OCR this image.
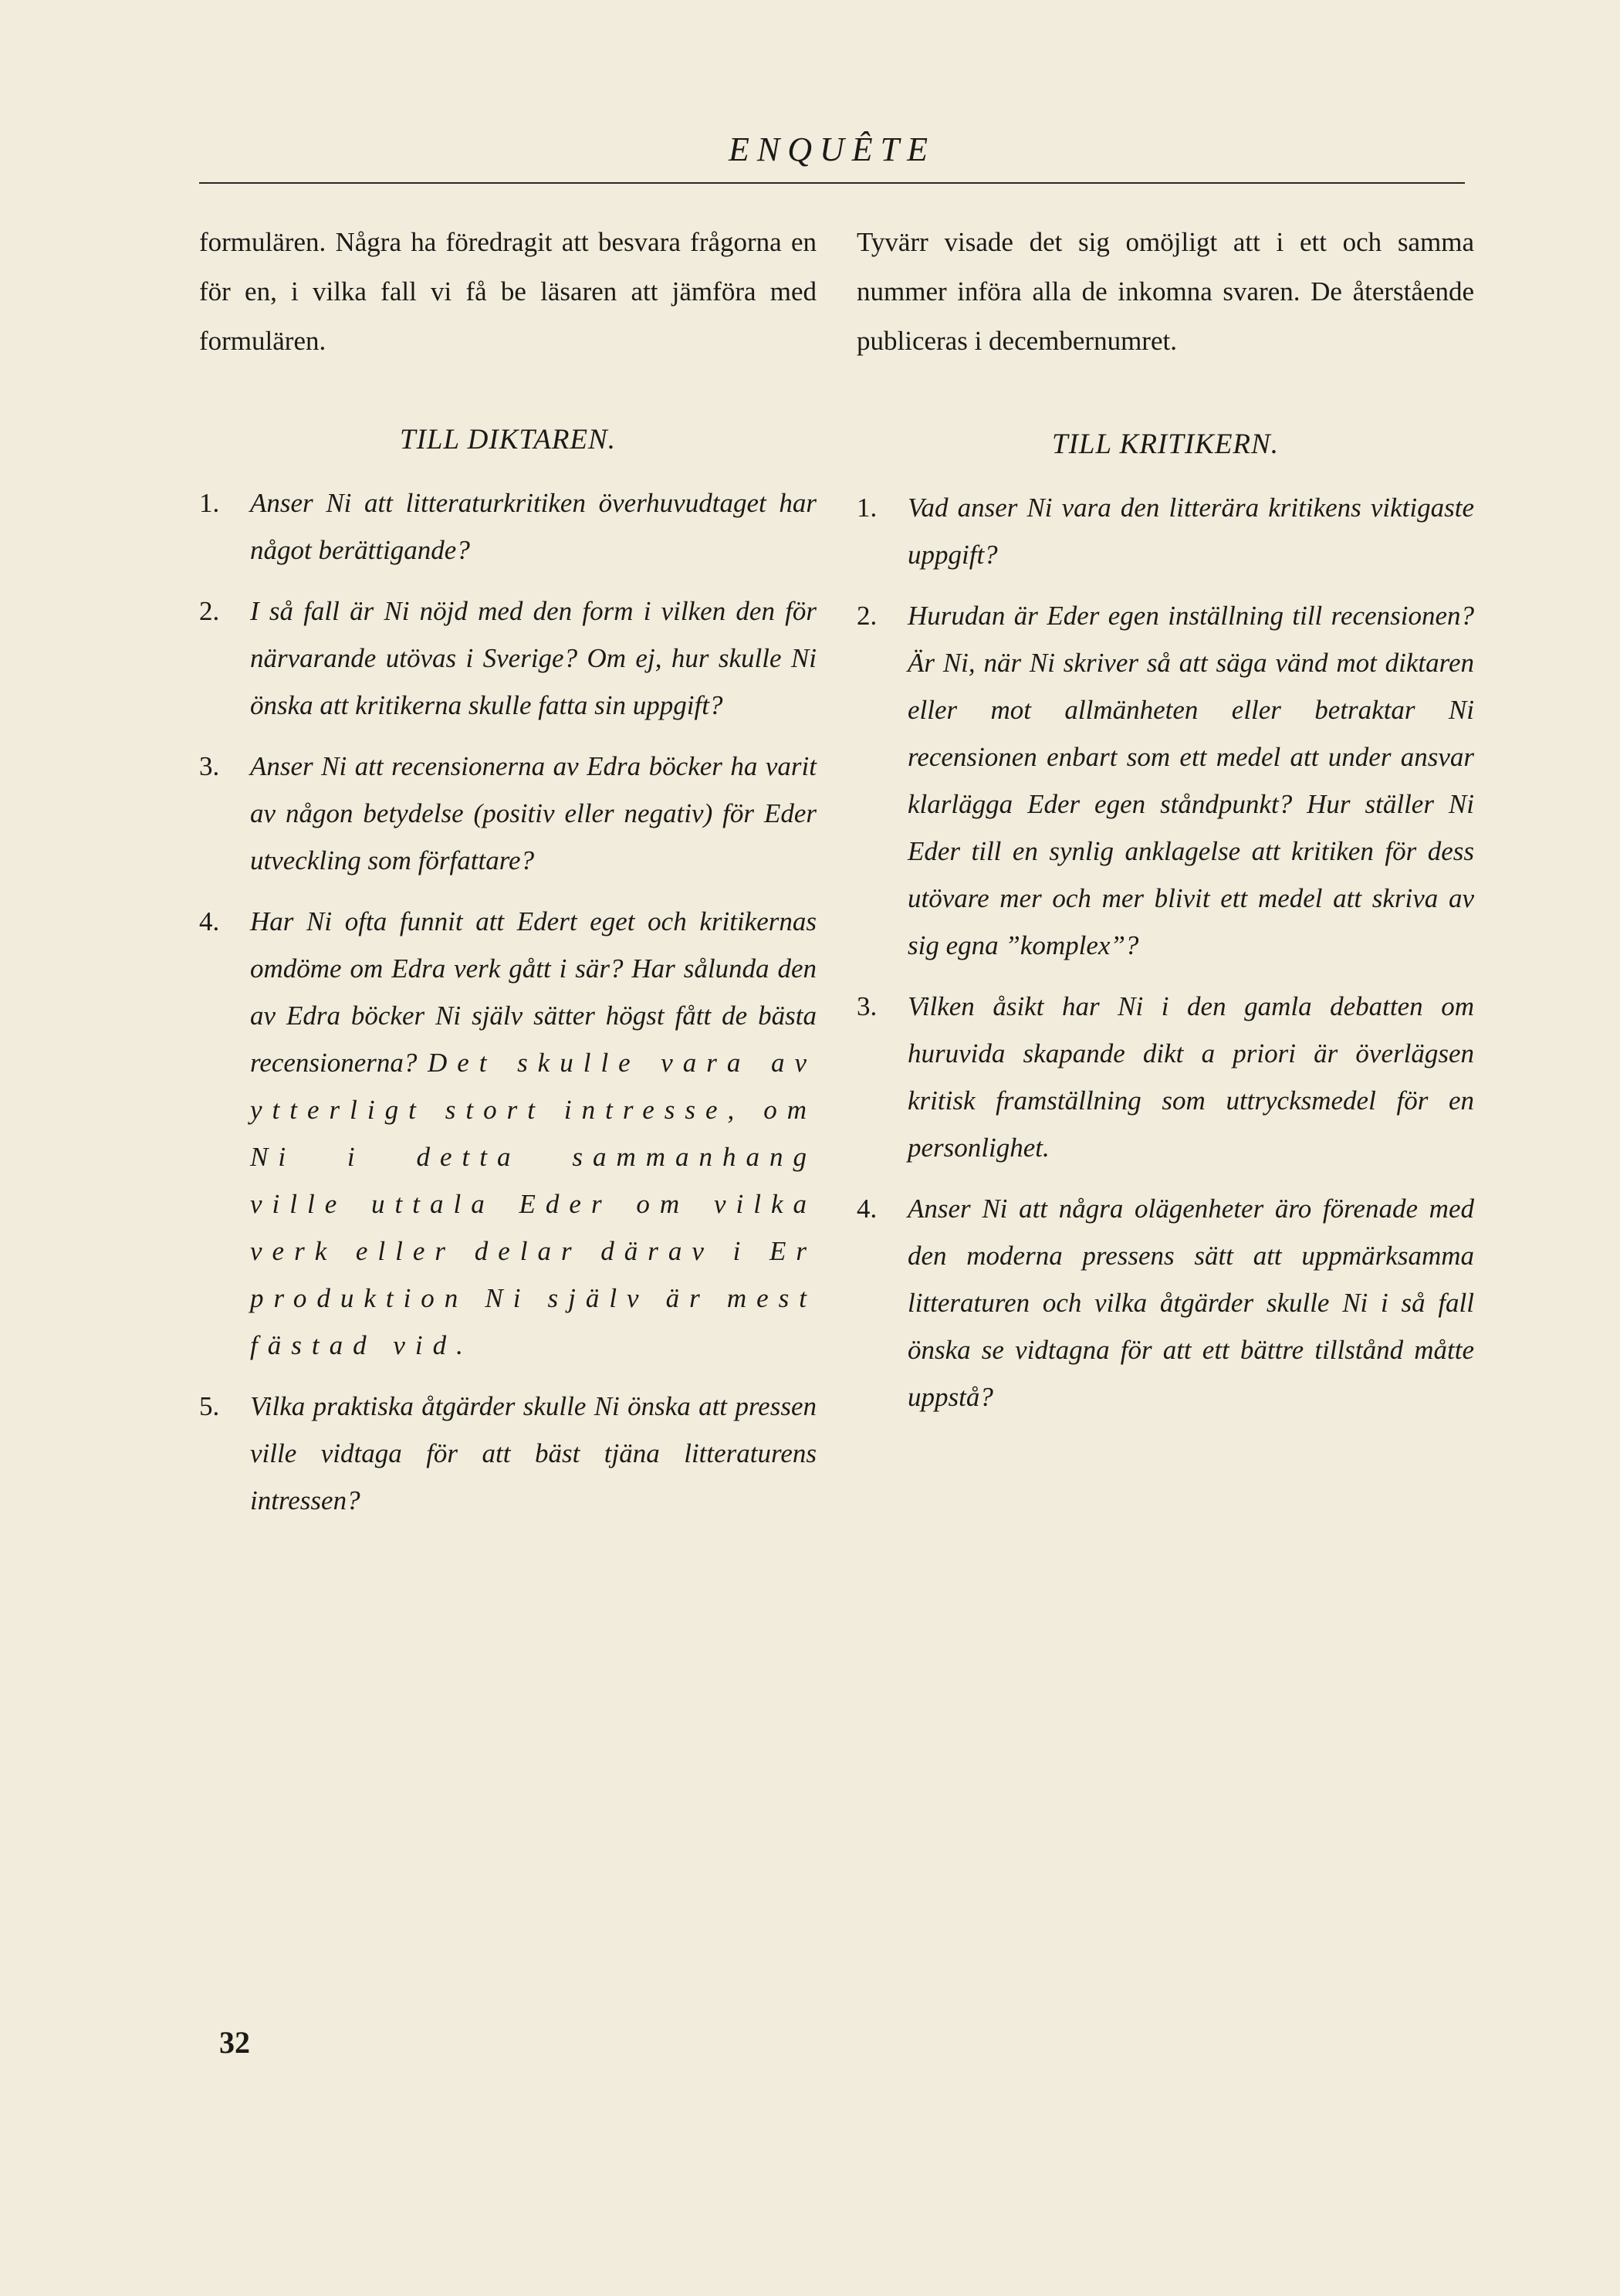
ENQUÊTE

formulären. Några ha föredragit att besvara frågorna en för en, i vilka fall vi få be läsaren att jämföra med formulären.

TILL DIKTAREN.

1.	Anser Ni att litteraturkritiken överhuvudtaget har något berättigande?
2.	I så fall är Ni nöjd med den form i vilken den för närvarande utövas i Sverige? Om ej, hur skulle Ni önska att kritikerna skulle fatta sin uppgift?
3.	Anser Ni att recensionerna av Edra böcker ha varit av någon betydelse (positiv eller negativ) för Eder utveckling som författare?
4.	Har Ni ofta funnit att Edert eget och kritikernas omdöme om Edra verk gått i sär? Har sålunda den av Edra böcker Ni själv sätter högst fått de bästa recensionerna? Det skulle vara av ytterligt stort intresse, om Ni i detta sammanhang ville uttala Eder om vilka verk eller delar därav i Er produktion Ni själv är mest fästad vid.
5.	Vilka praktiska åtgärder skulle Ni önska att pressen ville vidtaga för att bäst tjäna litteraturens intressen?

Tyvärr visade det sig omöjligt att i ett och samma nummer införa alla de inkomna svaren. De återstående publiceras i decembernumret.

TILL KRITIKERN.

1.	Vad anser Ni vara den litterära kritikens viktigaste uppgift?
2.	Hurudan är Eder egen inställning till recensionen? Är Ni, när Ni skriver så att säga vänd mot diktaren eller mot allmänheten eller betraktar Ni recensionen enbart som ett medel att under ansvar klarlägga Eder egen ståndpunkt? Hur ställer Ni Eder till en synlig anklagelse att kritiken för dess utövare mer och mer blivit ett medel att skriva av sig egna ”komplex”?
3.	Vilken åsikt har Ni i den gamla debatten om huruvida skapande dikt a priori är överlägsen kritisk framställning som uttrycksmedel för en personlighet.
4.	Anser Ni att några olägenheter äro förenade med den moderna pressens sätt att uppmärksamma litteraturen och vilka åtgärder skulle Ni i så fall önska se vidtagna för att ett bättre tillstånd måtte uppstå?
32
